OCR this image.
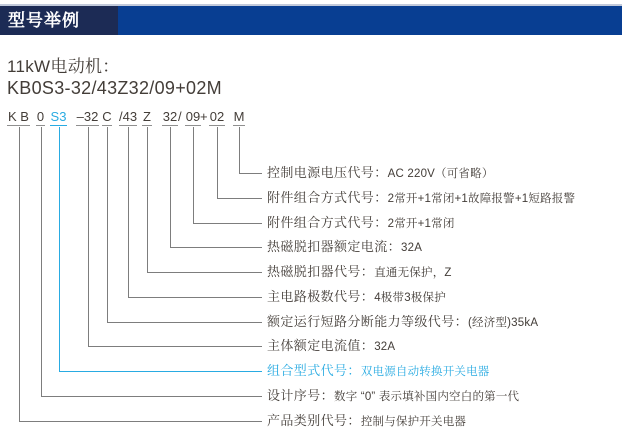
型号举例
11kW电动机：
KB0S3-32/43Z32/09+02M
K B 0 S3 –32 C /43 Z 32 / 09 + 02 M
控制电源电压代号：AC 220V（可省略）
附件组合方式代号：2常开+1常闭+1故障报警+1短路报警
附件组合方式代号：2常开+1常闭
热磁脱扣器额定电流：32A
热磁脱扣器代号：直通无保护，Z
主电路极数代号：4极带3极保护
额定运行短路分断能力等级代号：(经济型)35kA
主体额定电流值：32A
组合型式代号：双电源自动转换开关电器
设计序号：数字 “0” 表示填补国内空白的第一代
产品类别代号：控制与保护开关电器
